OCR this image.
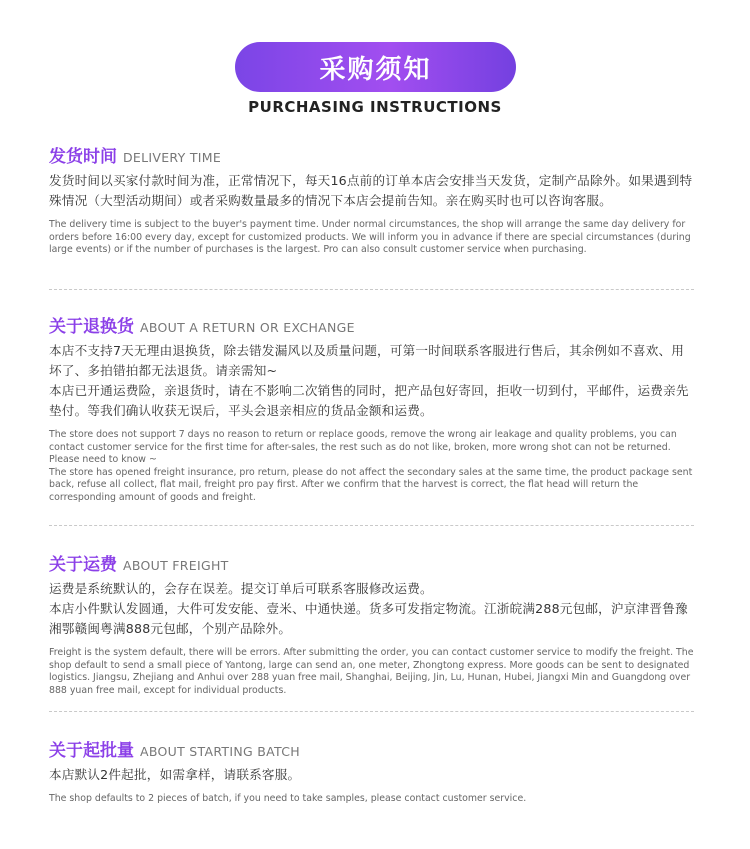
采购须知
PURCHASING INSTRUCTIONS
发货时间 DELIVERY TIME
发货时间以买家付款时间为准，正常情况下，每天16点前的订单本店会安排当天发货，定制产品除外。如果遇到特殊情况（大型活动期间）或者采购数量最多的情况下本店会提前告知。亲在购买时也可以咨询客服。
The delivery time is subject to the buyer's payment time. Under normal circumstances, the shop will arrange the same day delivery for orders before 16:00 every day, except for customized products. We will inform you in advance if there are special circumstances (during large events) or if the number of purchases is the largest. Pro can also consult customer service when purchasing.
关于退换货 ABOUT A RETURN OR EXCHANGE
本店不支持7天无理由退换货，除去错发漏风以及质量问题，可第一时间联系客服进行售后，其余例如不喜欢、用坏了、多拍错拍都无法退货。请亲需知~
本店已开通运费险，亲退货时，请在不影响二次销售的同时，把产品包好寄回，拒收一切到付，平邮件，运费亲先垫付。等我们确认收获无误后，平头会退亲相应的货品金额和运费。
The store does not support 7 days no reason to return or replace goods, remove the wrong air leakage and quality problems, you can contact customer service for the first time for after-sales, the rest such as do not like, broken, more wrong shot can not be returned. Please need to know ~
The store has opened freight insurance, pro return, please do not affect the secondary sales at the same time, the product package sent back, refuse all collect, flat mail, freight pro pay first. After we confirm that the harvest is correct, the flat head will return the corresponding amount of goods and freight.
关于运费 ABOUT FREIGHT
运费是系统默认的，会存在误差。提交订单后可联系客服修改运费。
本店小件默认发圆通，大件可发安能、壹米、中通快递。货多可发指定物流。江浙皖满288元包邮，沪京津晋鲁豫湘鄂赣闽粤满888元包邮，个别产品除外。
Freight is the system default, there will be errors. After submitting the order, you can contact customer service to modify the freight. The shop default to send a small piece of Yantong, large can send an, one meter, Zhongtong express. More goods can be sent to designated logistics. Jiangsu, Zhejiang and Anhui over 288 yuan free mail, Shanghai, Beijing, Jin, Lu, Hunan, Hubei, Jiangxi Min and Guangdong over 888 yuan free mail, except for individual products.
关于起批量 ABOUT STARTING BATCH
本店默认2件起批，如需拿样，请联系客服。
The shop defaults to 2 pieces of batch, if you need to take samples, please contact customer service.
